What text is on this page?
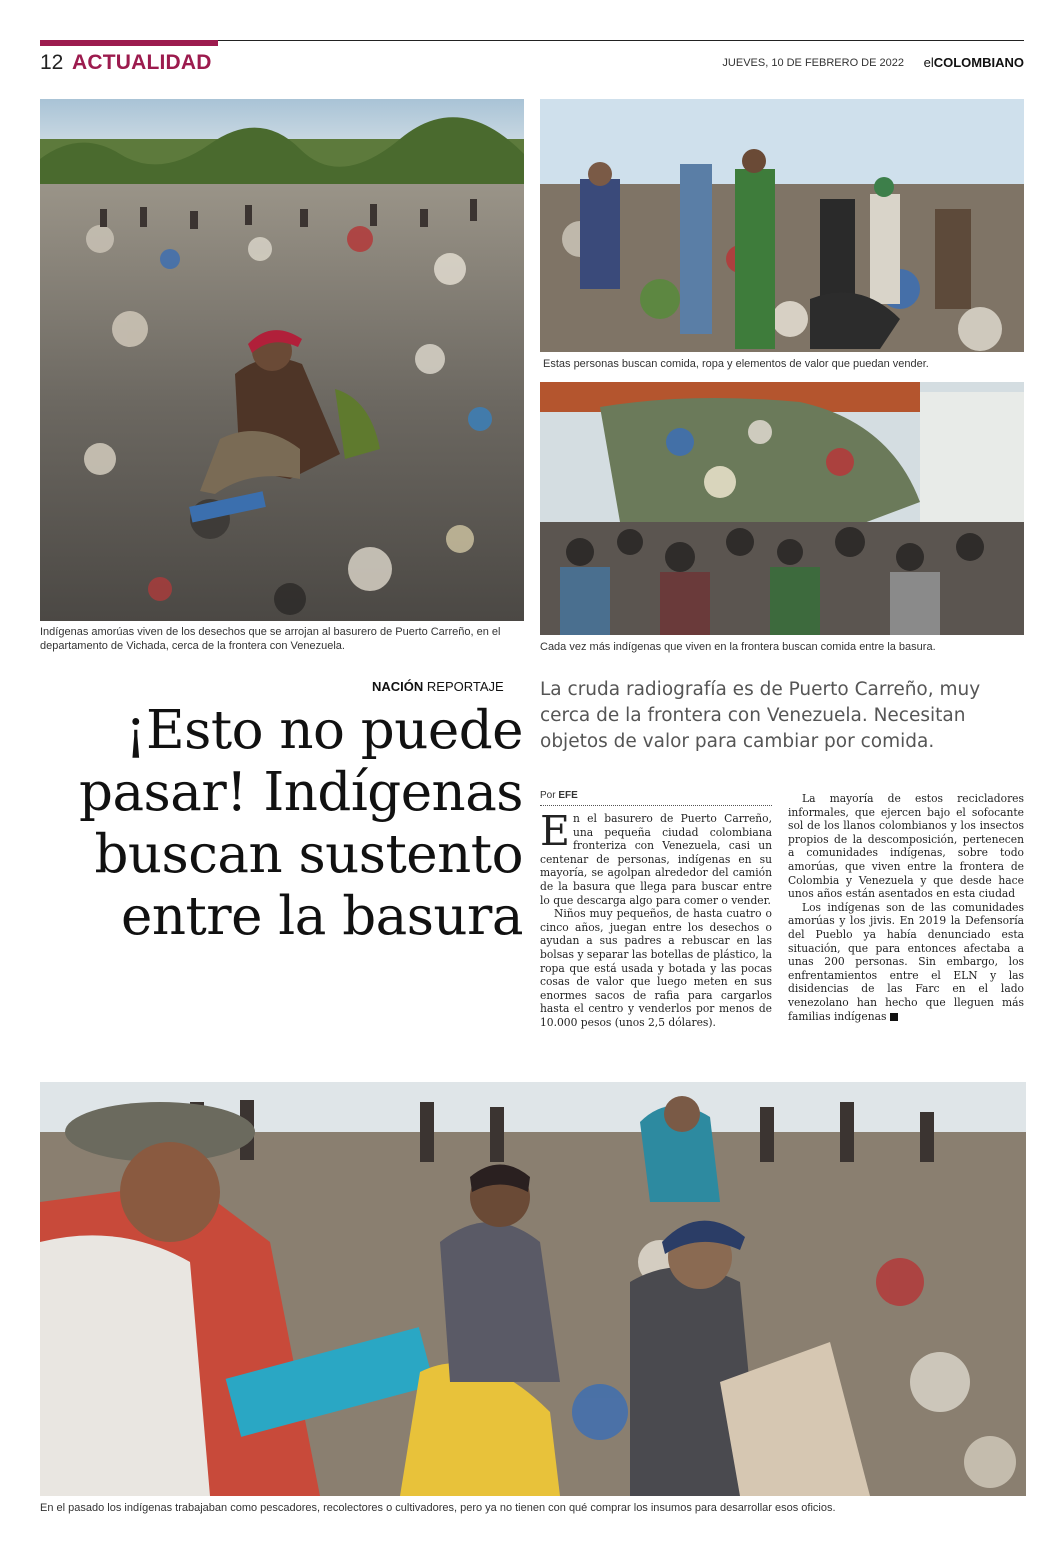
12 ACTUALIDAD	JUEVES, 10 DE FEBRERO DE 2022 elCOLOMBIANO
Indígenas amorúas viven de los desechos que se arrojan al basurero de Puerto Carreño, en el departamento de Vichada, cerca de la frontera con Venezuela.
Estas personas buscan comida, ropa y elementos de valor que puedan vender.
Cada vez más indígenas que viven en la frontera buscan comida entre la basura.
NACIÓN REPORTAJE
¡Esto no puede
pasar! Indígenas
buscan sustento
entre la basura
La cruda radiografía es de Puerto Carreño, muy cerca de la frontera con Venezuela. Necesitan objetos de valor para cambiar por comida.
Por EFE

En el basurero de Puerto Carreño, una pequeña ciudad colombiana fronteriza con Venezuela, casi un centenar de personas, indígenas en su mayoría, se agolpan alrededor del camión de la basura que llega para buscar entre lo que descarga algo para comer o vender.

Niños muy pequeños, de hasta cuatro o cinco años, juegan entre los desechos o ayudan a sus padres a rebuscar en las bolsas y separar las botellas de plástico, la ropa que está usada y botada y las pocas cosas de valor que luego meten en sus enormes sacos de rafia para cargarlos hasta el centro y venderlos por menos de 10.000 pesos (unos 2,5 dólares).

La mayoría de estos recicladores informales, que ejercen bajo el sofocante sol de los llanos colombianos y los insectos propios de la descomposición, pertenecen a comunidades indígenas, sobre todo amorúas, que viven entre la frontera de Colombia y Venezuela y que desde hace unos años están asentados en esta ciudad

Los indígenas son de las comunidades amorúas y los jivis. En 2019 la Defensoría del Pueblo ya había denunciado esta situación, que para entonces afectaba a unas 200 personas. Sin embargo, los enfrentamientos entre el ELN y las disidencias de las Farc en el lado venezolano han hecho que lleguen más familias indígenas

En el pasado los indígenas trabajaban como pescadores, recolectores o cultivadores, pero ya no tienen con qué comprar los insumos para desarrollar esos oficios.
